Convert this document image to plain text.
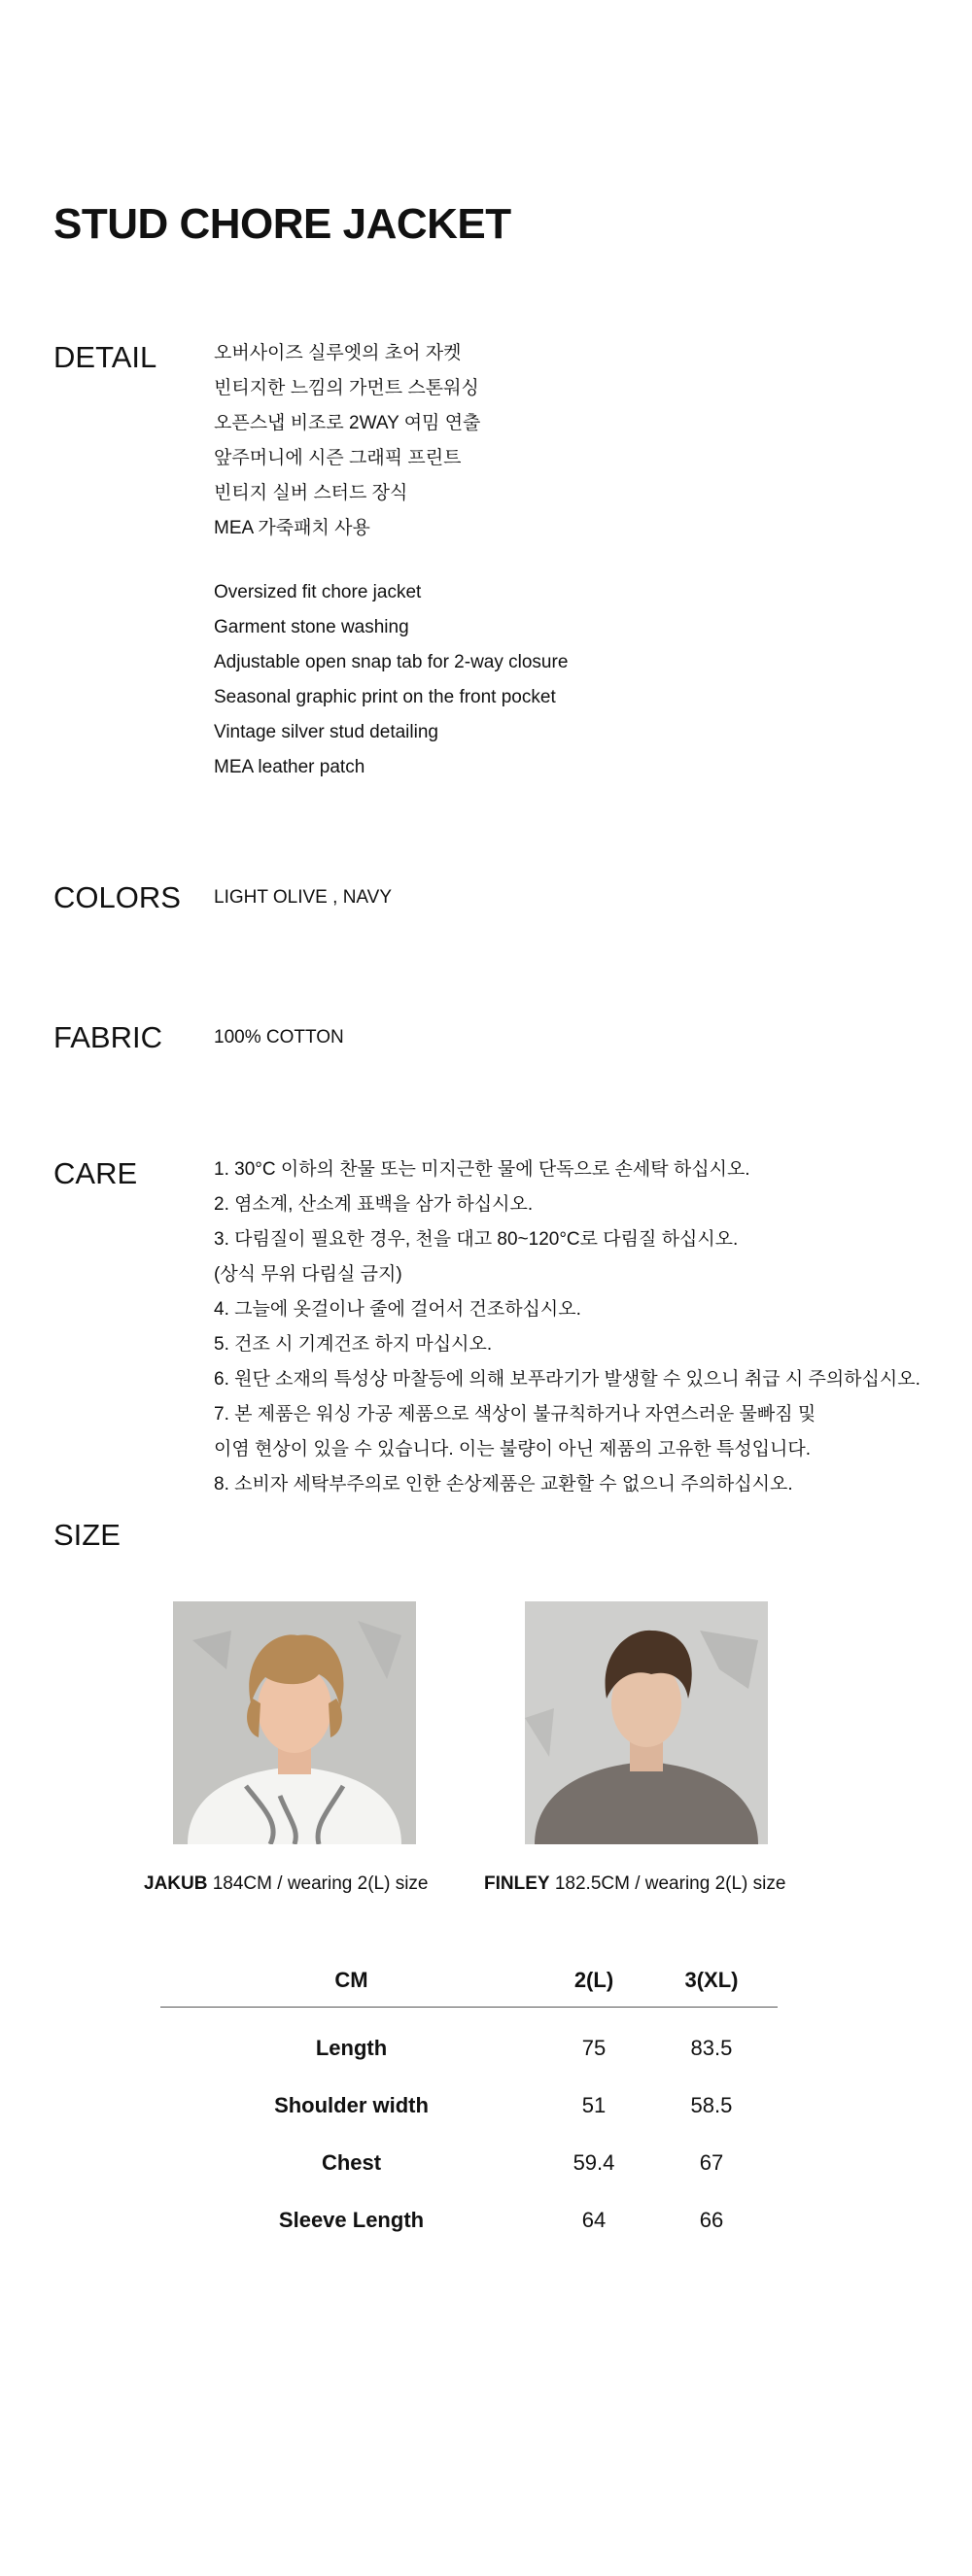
STUD CHORE JACKET
DETAIL	오버사이즈 실루엣의 초어 자켓
빈티지한 느낌의 가먼트 스톤워싱
오픈스냅 비조로 2WAY 여밈 연출
앞주머니에 시즌 그래픽 프린트
빈티지 실버 스터드 장식
MEA 가죽패치 사용
Oversized fit chore jacket
Garment stone washing
Adjustable open snap tab for 2-way closure
Seasonal graphic print on the front pocket
Vintage silver stud detailing
MEA leather patch
COLORS LIGHT OLIVE , NAVY

FABRIC	100% COTTON

CARE	1. 30°C 이하의 찬물 또는 미지근한 물에 단독으로 손세탁 하십시오.
2. 염소계, 산소계 표백을 삼가 하십시오.
3. 다림질이 필요한 경우, 천을 대고 80~120°C로 다림질 하십시오.
(상식 무위 다림실 금지)
4. 그늘에 옷걸이나 줄에 걸어서 건조하십시오.
5. 건조 시 기계건조 하지 마십시오.
6. 원단 소재의 특성상 마찰등에 의해 보푸라기가 발생할 수 있으니 취급 시 주의하십시오.
7. 본 제품은 워싱 가공 제품으로 색상이 불규칙하거나 자연스러운 물빠짐 및
이염 현상이 있을 수 있습니다. 이는 불량이 아닌 제품의 고유한 특성입니다.
8. 소비자 세탁부주의로 인한 손상제품은 교환할 수 없으니 주의하십시오.
SIZE
JAKUB 184CM / wearing 2(L) size	FINLEY 182.5CM / wearing 2(L) size
CM	2(L)	3(XL)
Length	75	83.5
Shoulder width	51	58.5
Chest	59.4	67
Sleeve Length	64	66
